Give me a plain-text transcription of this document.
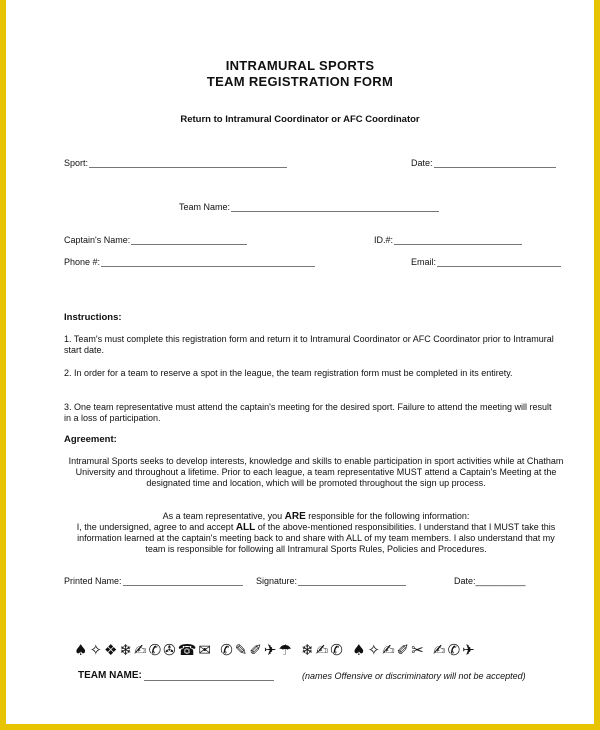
INTRAMURAL SPORTS
TEAM REGISTRATION FORM
Return to Intramural Coordinator or AFC Coordinator
Sport:	Date:
Team Name:
Captain's Name:	ID.#:
Phone #:	Email:
Instructions:
1. Team's must complete this registration form and return it to Intramural Coordinator or AFC Coordinator prior to Intramural start date.
2. In order for a team to reserve a spot in the league, the team registration form must be completed in its entirety.
3. One team representative must attend the captain's meeting for the desired sport. Failure to attend the meeting will result in a loss of participation.
Agreement:
Intramural Sports seeks to develop interests, knowledge and skills to enable participation in sport activities while at Chatham University and throughout a lifetime. Prior to each league, a team representative MUST attend a Captain's Meeting at the designated time and location, which will be promoted throughout the sign up process.
As a team representative, you ARE responsible for the following information:
I, the undersigned, agree to and accept ALL of the above-mentioned responsibilities. I understand that I MUST take this information learned at the captain's meeting back to and share with ALL of my team members. I also understand that my team is responsible for following all Intramural Sports Rules, Policies and Procedures.
Printed Name:	Signature:	Date:__________
♠✧❖❄✍✆✇☎✉ ✆✎✐✈☂ ❄✍✆ ♠✧✍✐✂ ✍✆✈
TEAM NAME:	(names Offensive or discriminatory will not be accepted)
